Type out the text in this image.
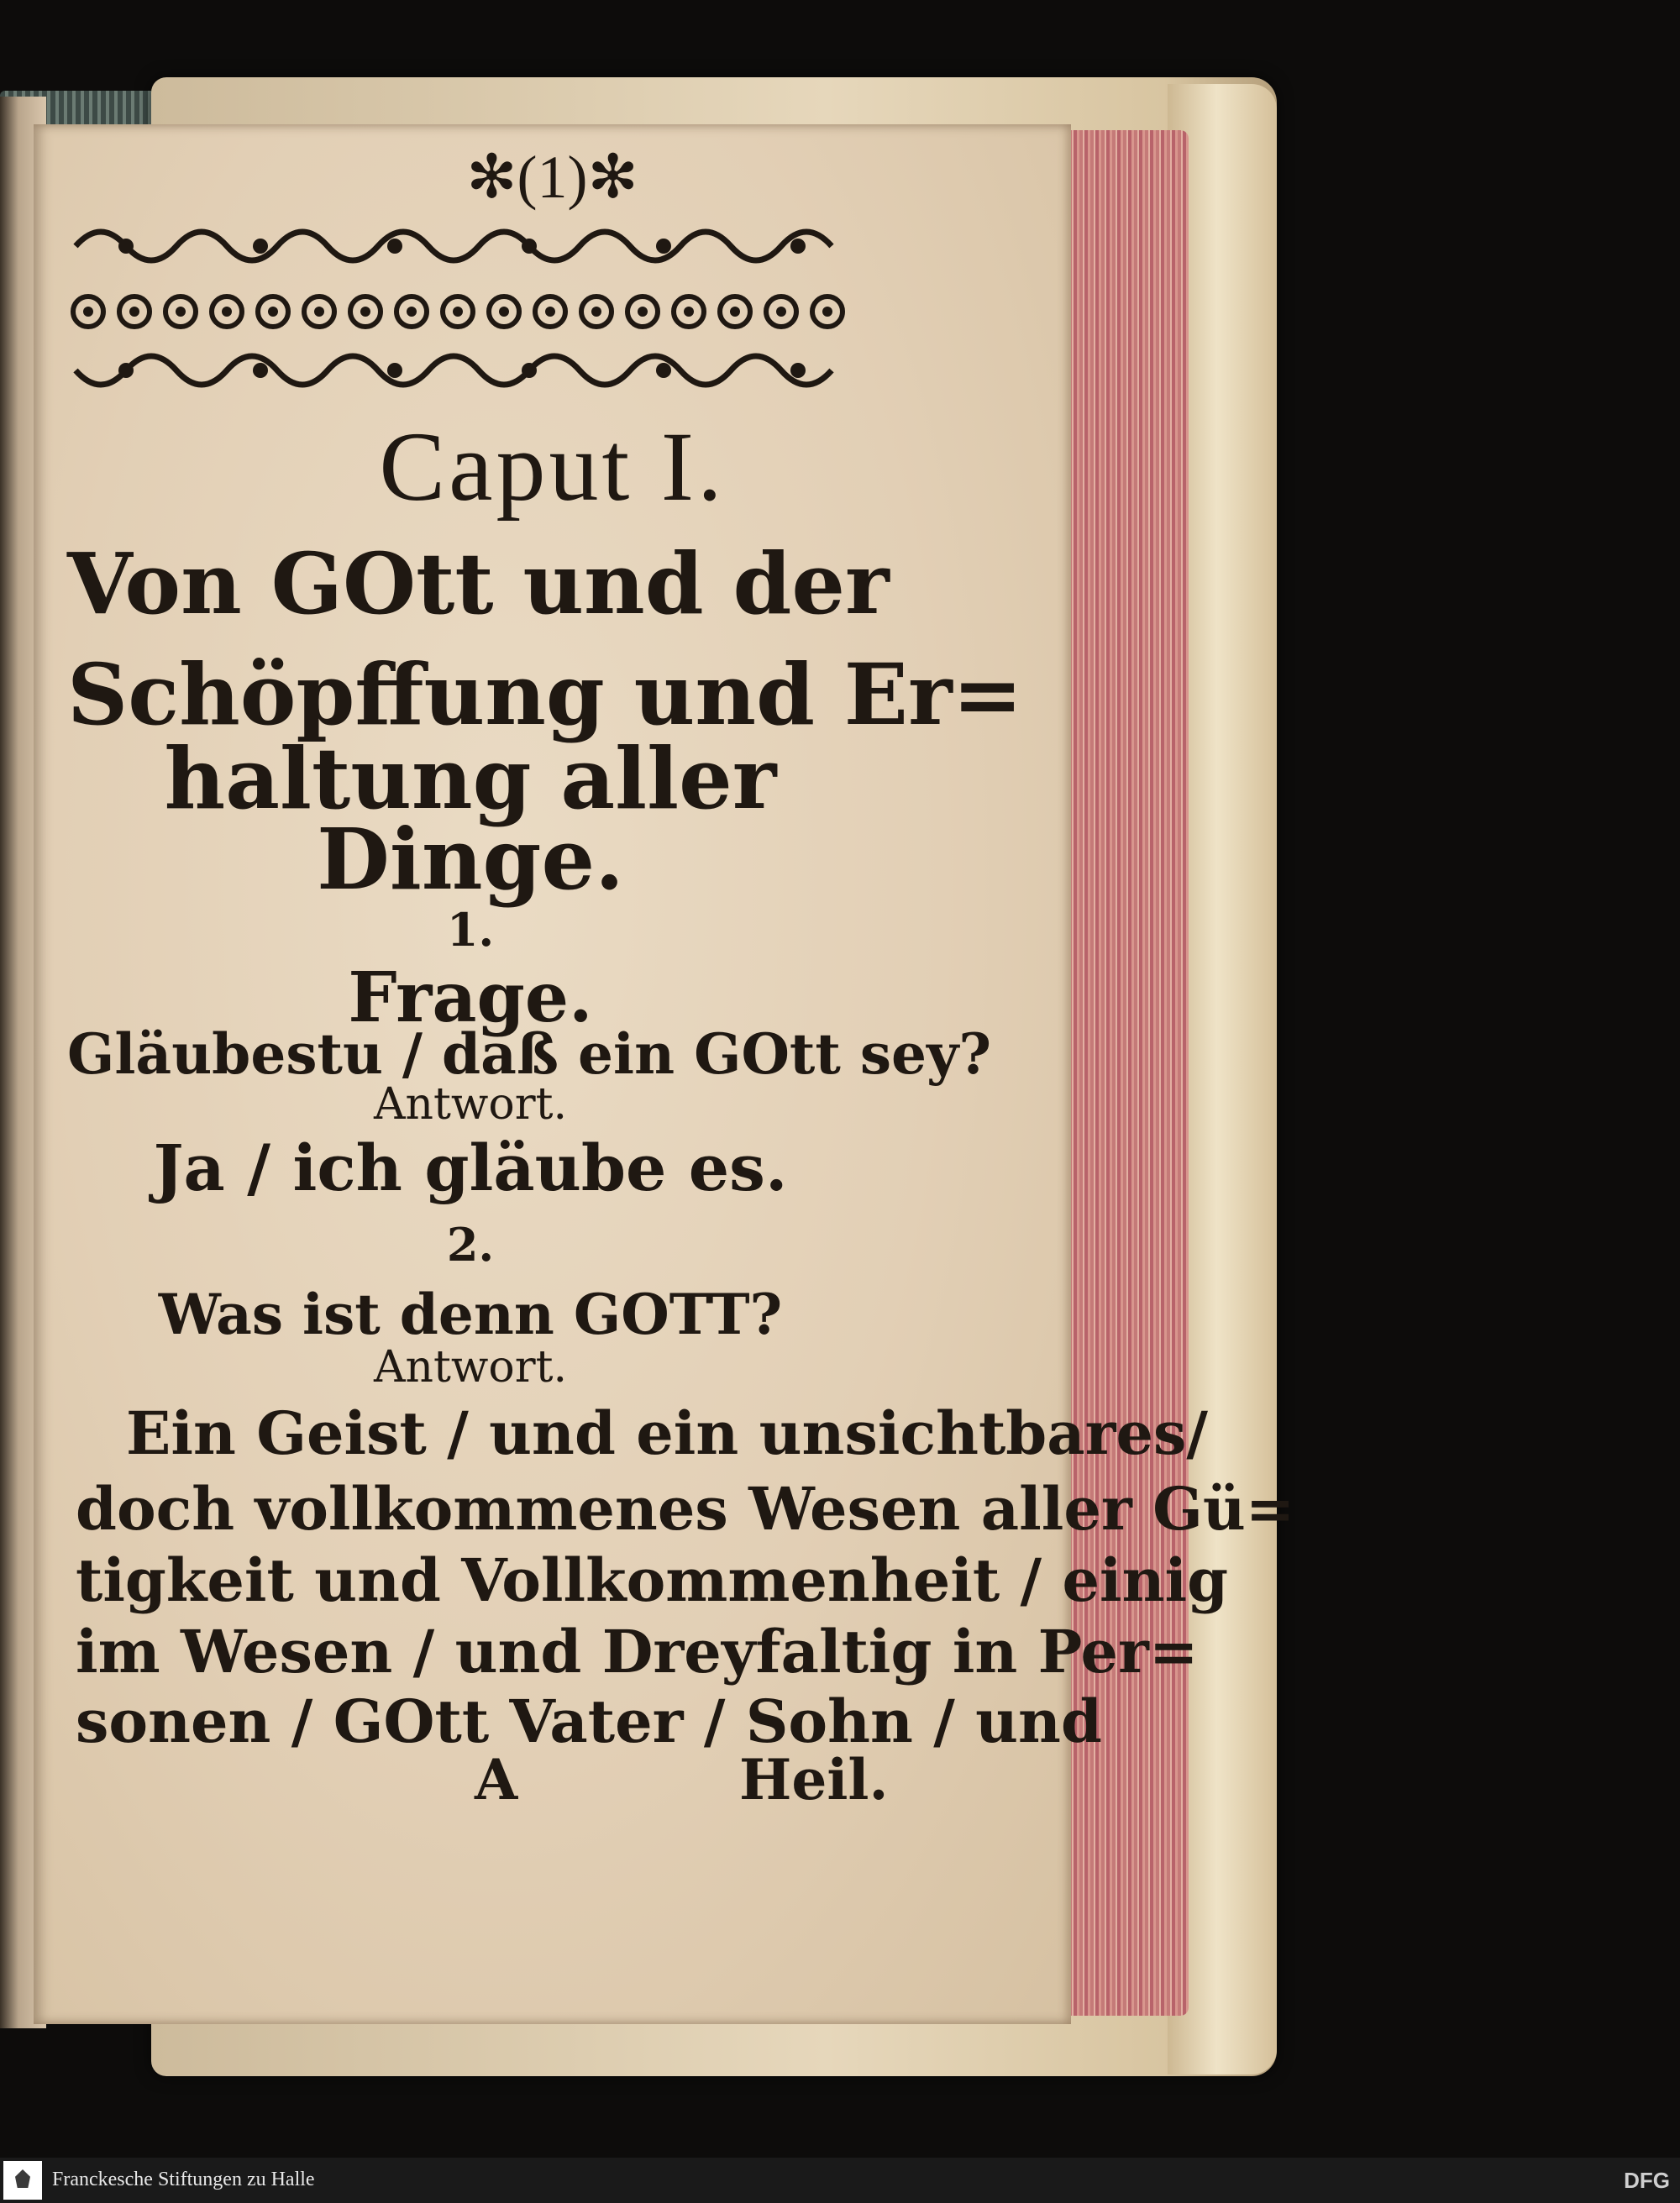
✻(1)✻
Caput I.
Von GOtt und der
Schöpffung und Er=
haltung aller
Dinge.
1.
Frage.
Gläubestu / daß ein GOtt sey?
Antwort.
Ja / ich gläube es.
2.
Was ist denn GOTT?
Antwort.
Ein Geist / und ein unsichtbares/
doch vollkommenes Wesen aller Gü=
tigkeit und Vollkommenheit / einig
im Wesen / und Dreyfaltig in Per=
sonen / GOtt Vater / Sohn / und
A	Heil.
Franckesche Stiftungen zu Halle	DFG
